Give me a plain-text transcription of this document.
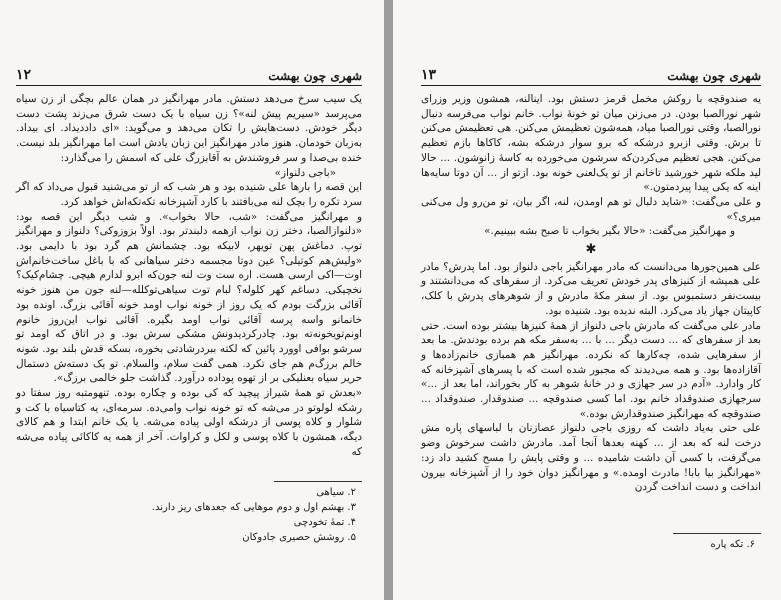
۱۲	شهری چون بهشت

یک سیب سرخ می‌دهد دستش. مادر مهرانگیز در همان عالم بچگی از زن سیاه می‌پرسد «سیریم پیش لنه»؟ زن سیاه با یک دست شرق می‌زند پشت دست دیگر خودش. دست‌هایش را تکان می‌دهد و می‌گوید: «ای داددیداد. ای بیداد. به‌زبان خودمان. هنوز مادر مهرانگیز این زبان یادش است اما مهرانگیز بلد نیست. خنده بی‌صدا و سر فروشندش به آقابزرگ علی که اسمش را می‌گذارد:

«باجی دلنواز»

این قصه را بارها علی شنیده بود و هر شب که از تو می‌شنید قبول می‌داد که اگر سرد تکره را بچک لنه می‌بافتند با کارد آشپزخانه تکه‌تکه‌اش خواهد کرد.

و مهرانگیز می‌گفت: «شب، حالا بخواب». و شب دیگر این قصه بود: «دلنوازالصبا، دختر زن نواب ازهمه دلبندتر بود. اولاً بزوزوکی؟ دلنواز و مهرانگیز توپ. دماغش پهن تویهر، لابیکه بود. چشمانش هم گرد بود با دایمی بود. «ولیش‌هم کوتیلی؟ عین دوتا مجسمه دختر سیاهانی که با باغل ساخت‌خانم‌اش اوت—اکی ارسی هست. اره ست وت لنه جون‌که ابرو لدارم هیچی. چشام‌کیک؟ نخچیکی. دساغم کهر کلوله؟ لبام توت سیاهی‌توکلله—لنه جون من هنوز خونه آقائی بزرگت بودم که یک روز از خونه نواب اومد خونه آقائی بزرگ. اونده بود خانمانو واسه پرسه آقائی نواب اومد بگیره. آقائی نواب این‌روز خانوم اونم‌تویخونه‌ته بود. چادرکردیدونش مشکی سرش بود. و در اتاق که اومد تو سرشو بوافی اوورد پائین که لکته ببردرشادتی بخوره، بسکه قدش بلند بود. شونه خالم برزگ‌م هم جای تکرد. همی گفت سلام، والسلام. تو یک دسته‌ش دستمال حریر سیاه بعنلیکی بر از تهوه پوداده درآورد. گذاشت جلو خالمی برزگ».

«بعدش تو همهٔ شیراز پیچید که کی بوده و چکاره بوده. تنهومتبه روز سفتا دو رشکه لولوتو در می‌شه که تو خونه نواب وامی‌ده. سرمه‌ای، یه کتاسیاه با کت و شلوار و کلاه پوسی از درشکه اولی پیاده می‌شه. یا یک خانم ابتدا و هم کالای دیگه، همشون با کلاه پوسی و لکل و کراوات. آخر از همه یه کاکائی پیاده می‌شه که

۲. سیاهی
۳. بهشم اول و دوم موهایی که جعدهای ریز دارند.
۴. تمهٔ تخودچی
۵. روشش حصیری جادوکان
۱۳	شهری چون بهشت

یه صندوقچه با روکش مخمل قرمز دستش بود. اینالنه، همشون وزیر وزرای شهر نورالصبا بودن. در می‌زنن میان تو خونهٔ نواب. خانم نواب می‌فرسه دنبال نورالصبا، وقتی نورالصبا میاد، همه‌شون تعظیمش می‌کنن. هی تعظیمش می‌کنن تا برش. وقتی ازبرو درشکه که برو سوار درشکه بشه، کاکاها بازم تعظیم می‌کنن. هجی تعظیم می‌کردن‌که سرشون می‌خورده به کاسهٔ زانوشون. ... حالا لید ملکه شهر خورشید تاخانم از تو یک‌لعنی خونه بود. ازتو از ... آن دوتا سایه‌ها اینه که یکی پیدا پیردمتون.»

و علی می‌گفت: «شاید دلبال تو هم اومدن، لنه، اگر بیان، تو من‌رو ول می‌کنی میری؟»

و مهرانگیز می‌گفت: «حالا بگیر بخواب تا صبح بشه ببینیم.»

✱

علی همین‌جورها می‌دانست که مادر مهرانگیز باجی دلنواز بود. اما پدرش؟ مادر علی همیشه از کنیزهای پدر خودش تعریف می‌کرد. از سفرهای که می‌دانشتند و بیست‌نفر دستمبوس بود. از سفر مکهٔ مادرش و از شوهرهای پدرش با کلک، کاپیتان جهاز یاد می‌کرد. البته ندیده بود. شنیده بود.

مادر علی می‌گفت که مادرش باجی دلنواز از همهٔ کنیزها بیشتر بوده است. حتی بعد از سفرهای که ... دست دیگر ... با ... به‌سفر مکه هم برده بودندش. ما بعد از سفرهایی شده، چه‌کارها که نکرده. مهرانگیز هم همبازی خانم‌زاده‌ها و آقازاده‌ها بود. و همه می‌دیدند که مجبور شده است که با پسرهای آشپزخانه که کار وادارد. «آدم در سر جهازی و در خانهٔ شوهر به کار بخوراند، اما بعد از ...» سرجهازی صندوقداد خانم بود. اما کسی صندوقچه ... صندوقدار. صندوقداد ... صندوقچه که مهرانگیز صندوقدارش بوده.»

علی حتی به‌یاد داشت که روزی باجی دلنواز عصازنان با لباسهای پاره مش درخت لنه که بعد از ... کهنه بعدها آنجا آمد. مادرش داشت سرخوش وضو می‌گرفت، با کسی آن داشت شامیده ... و وقتی پایش را مسح کشید داد زد: «مهرانگیز بیا بابا! مادرت اومده.» و مهرانگیز دوان خود را از آشپزخانه بیرون انداخت و دست انداخت گردن

۶. تکه پاره
